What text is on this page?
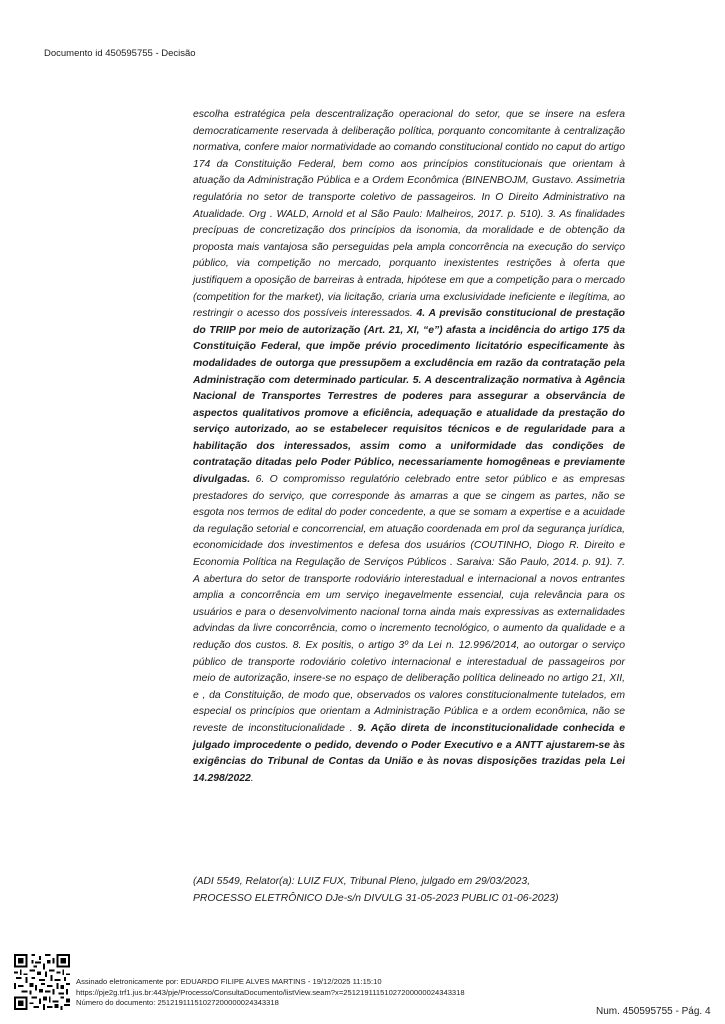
Documento id 450595755 - Decisão
escolha estratégica pela descentralização operacional do setor, que se insere na esfera democraticamente reservada à deliberação política, porquanto concomitante à centralização normativa, confere maior normatividade ao comando constitucional contido no caput do artigo 174 da Constituição Federal, bem como aos princípios constitucionais que orientam à atuação da Administração Pública e a Ordem Econômica (BINENBOJM, Gustavo. Assimetria regulatória no setor de transporte coletivo de passageiros. In O Direito Administrativo na Atualidade. Org . WALD, Arnold et al São Paulo: Malheiros, 2017. p. 510). 3. As finalidades precípuas de concretização dos princípios da isonomia, da moralidade e de obtenção da proposta mais vantajosa são perseguidas pela ampla concorrência na execução do serviço público, via competição no mercado, porquanto inexistentes restrições à oferta que justifiquem a oposição de barreiras à entrada, hipótese em que a competição para o mercado (competition for the market), via licitação, criaria uma exclusividade ineficiente e ilegítima, ao restringir o acesso dos possíveis interessados. 4. A previsão constitucional de prestação do TRIIP por meio de autorização (Art. 21, XI, “e”) afasta a incidência do artigo 175 da Constituição Federal, que impõe prévio procedimento licitatório especificamente às modalidades de outorga que pressupõem a excludência em razão da contratação pela Administração com determinado particular. 5. A descentralização normativa à Agência Nacional de Transportes Terrestres de poderes para assegurar a observância de aspectos qualitativos promove a eficiência, adequação e atualidade da prestação do serviço autorizado, ao se estabelecer requisitos técnicos e de regularidade para a habilitação dos interessados, assim como a uniformidade das condições de contratação ditadas pelo Poder Público, necessariamente homogêneas e previamente divulgadas. 6. O compromisso regulatório celebrado entre setor público e as empresas prestadores do serviço, que corresponde às amarras a que se cingem as partes, não se esgota nos termos de edital do poder concedente, a que se somam a expertise e a acuidade da regulação setorial e concorrencial, em atuação coordenada em prol da segurança jurídica, economicidade dos investimentos e defesa dos usuários (COUTINHO, Diogo R. Direito e Economia Política na Regulação de Serviços Públicos . Saraiva: São Paulo, 2014. p. 91). 7. A abertura do setor de transporte rodoviário interestadual e internacional a novos entrantes amplia a concorrência em um serviço inegavelmente essencial, cuja relevância para os usuários e para o desenvolvimento nacional torna ainda mais expressivas as externalidades advindas da livre concorrência, como o incremento tecnológico, o aumento da qualidade e a redução dos custos. 8. Ex positis, o artigo 3º da Lei n. 12.996/2014, ao outorgar o serviço público de transporte rodoviário coletivo internacional e interestadual de passageiros por meio de autorização, insere-se no espaço de deliberação política delineado no artigo 21, XII, e , da Constituição, de modo que, observados os valores constitucionalmente tutelados, em especial os princípios que orientam a Administração Pública e a ordem econômica, não se reveste de inconstitucionalidade . 9. Ação direta de inconstitucionalidade conhecida e julgado improcedente o pedido, devendo o Poder Executivo e a ANTT ajustarem-se às exigências do Tribunal de Contas da União e às novas disposições trazidas pela Lei 14.298/2022.
(ADI 5549, Relator(a): LUIZ FUX, Tribunal Pleno, julgado em 29/03/2023,
PROCESSO ELETRÔNICO DJe-s/n DIVULG 31-05-2023 PUBLIC 01-06-2023)
Assinado eletronicamente por: EDUARDO FILIPE ALVES MARTINS - 19/12/2025 11:15:10
https://pje2g.trf1.jus.br:443/pje/Processo/ConsultaDocumento/listView.seam?x=25121911151027200000024343318
Número do documento: 25121911151027200000024343318
Num. 450595755 - Pág. 4
